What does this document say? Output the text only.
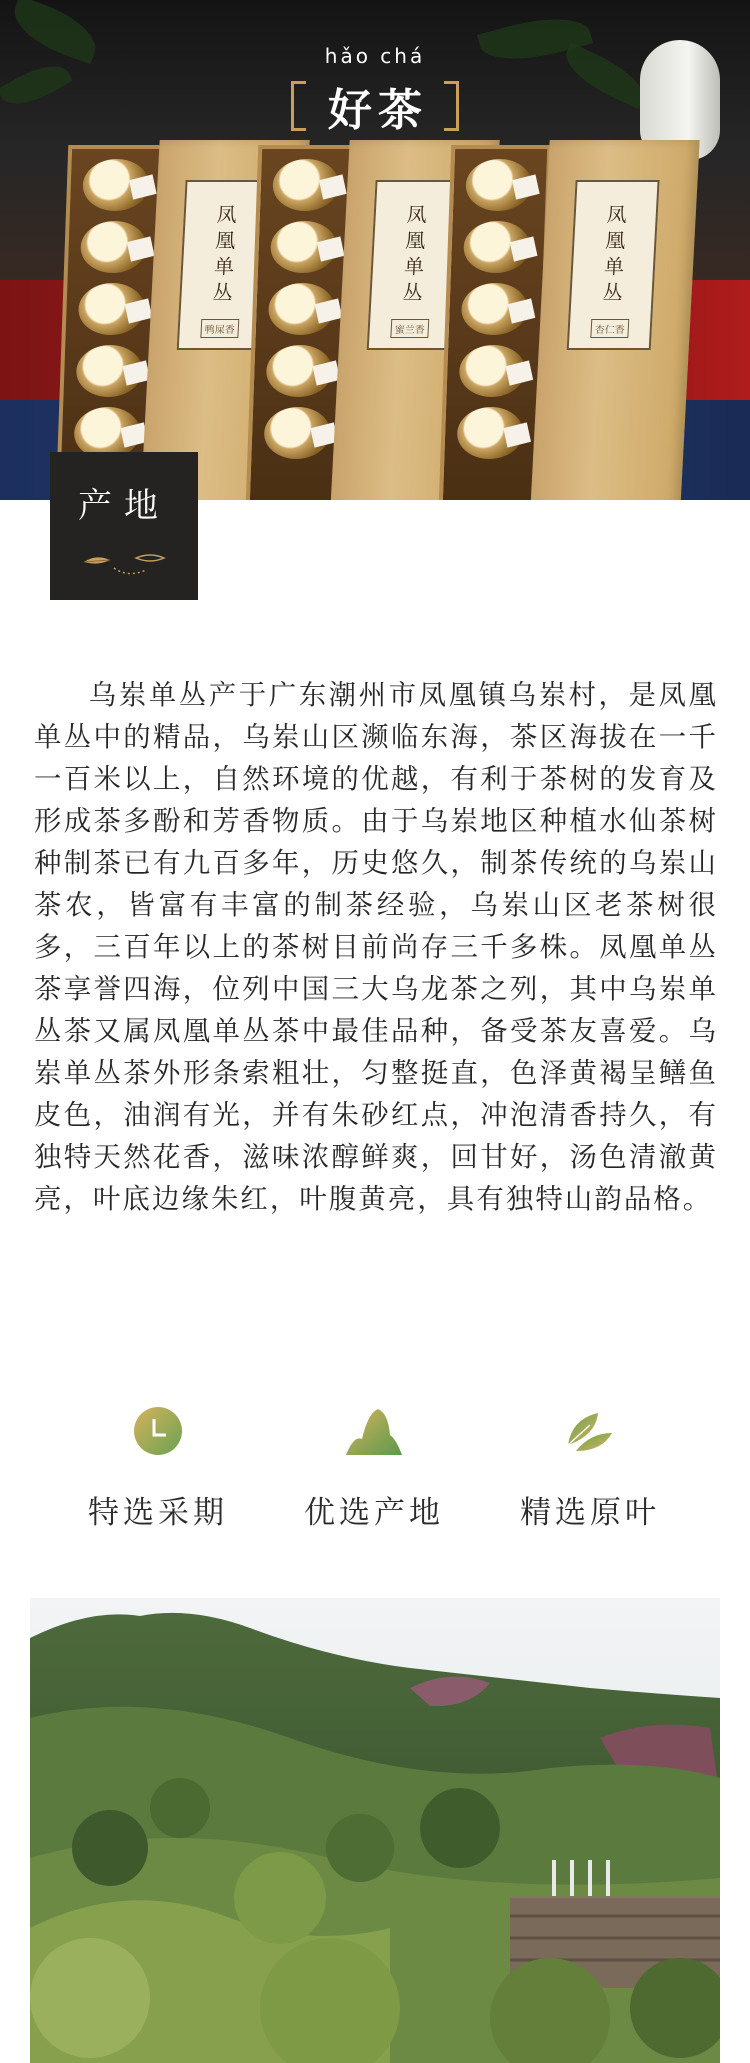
凤凰单丛
鸭屎香
凤凰单丛
蜜兰香
凤凰单丛
杏仁香
hǎo chá
好茶
产地

乌岽单丛产于广东潮州市凤凰镇乌岽村，是凤凰单丛中的精品，乌岽山区濒临东海，茶区海拔在一千一百米以上，自然环境的优越，有利于茶树的发育及形成茶多酚和芳香物质。由于乌岽地区种植水仙茶树种制茶已有九百多年，历史悠久，制茶传统的乌岽山茶农，皆富有丰富的制茶经验，乌岽山区老茶树很多，三百年以上的茶树目前尚存三千多株。凤凰单丛茶享誉四海，位列中国三大乌龙茶之列，其中乌岽单丛茶又属凤凰单丛茶中最佳品种，备受茶友喜爱。乌岽单丛茶外形条索粗壮，匀整挺直，色泽黄褐呈鳝鱼皮色，油润有光，并有朱砂红点，冲泡清香持久，有独特天然花香，滋味浓醇鲜爽，回甘好，汤色清澈黄亮，叶底边缘朱红，叶腹黄亮，具有独特山韵品格。

特选采期	优选产地	精选原叶
